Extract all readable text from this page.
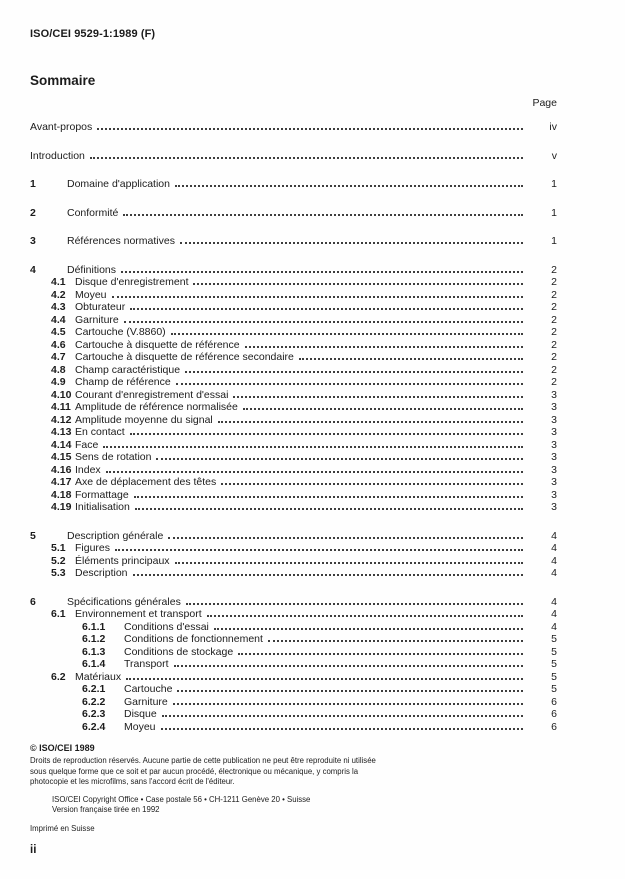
ISO/CEI 9529-1:1989 (F)
Sommaire
Page
Avant-propos	iv
Introduction	v
1	Domaine d'application	1
2	Conformité	1
3	Références normatives	1
4	Définitions	2
4.1 Disque d'enregistrement	2
4.2 Moyeu	2
4.3 Obturateur	2
4.4 Garniture	2
4.5 Cartouche (V.8860)	2
4.6 Cartouche à disquette de référence	2
4.7 Cartouche à disquette de référence secondaire	2
4.8 Champ caractéristique	2
4.9 Champ de référence	2
4.10 Courant d'enregistrement d'essai	3
4.11 Amplitude de référence normalisée	3
4.12 Amplitude moyenne du signal	3
4.13 En contact	3
4.14 Face	3
4.15 Sens de rotation	3
4.16 Index	3
4.17 Axe de déplacement des têtes	3
4.18 Formattage	3
4.19 Initialisation	3
5	Description générale	4
5.1 Figures	4
5.2 Éléments principaux	4
5.3 Description	4
6	Spécifications générales	4
6.1 Environnement et transport	4
6.1.1	Conditions d'essai	4
6.1.2	Conditions de fonctionnement	5
6.1.3	Conditions de stockage	5
6.1.4	Transport	5
6.2 Matériaux	5
6.2.1	Cartouche	5
6.2.2	Garniture	6
6.2.3	Disque	6
6.2.4	Moyeu	6
© ISO/CEI 1989
Droits de reproduction réservés. Aucune partie de cette publication ne peut être reproduite ni utilisée
sous quelque forme que ce soit et par aucun procédé, électronique ou mécanique, y compris la
photocopie et les microfilms, sans l'accord écrit de l'éditeur.
ISO/CEI Copyright Office • Case postale 56 • CH-1211 Genève 20 • Suisse
Version française tirée en 1992
Imprimé en Suisse
ii
